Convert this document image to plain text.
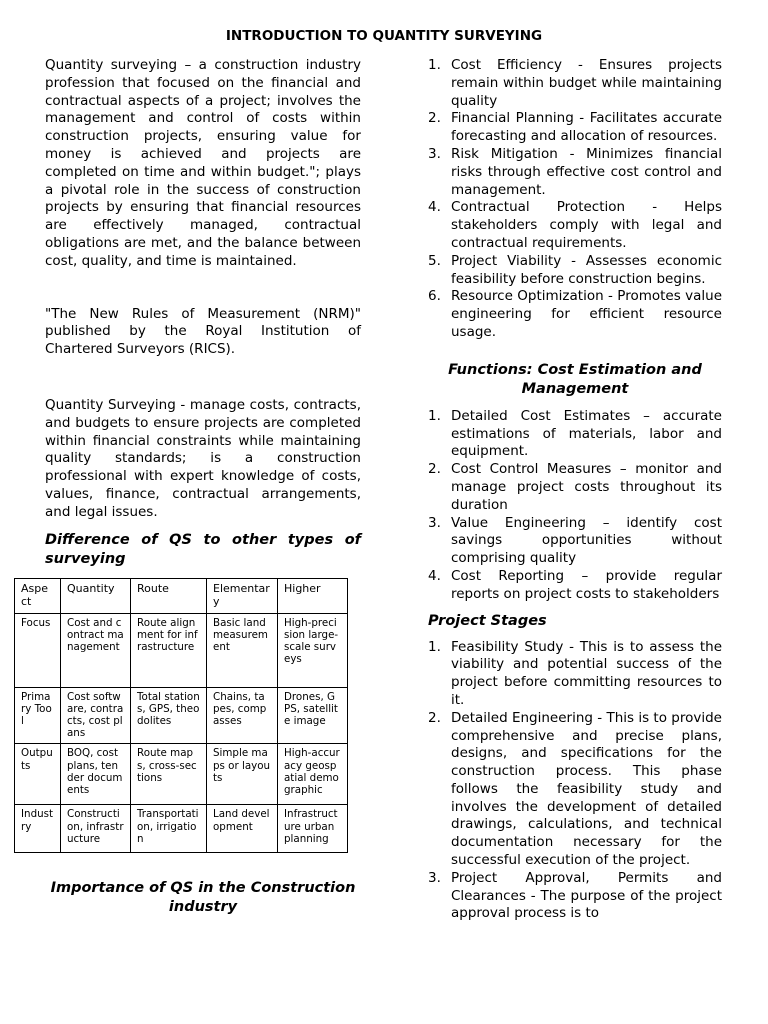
INTRODUCTION TO QUANTITY SURVEYING

Quantity surveying – a construction industry profession that focused on the financial and contractual aspects of a project; involves the management and control of costs within construction projects, ensuring value for money is achieved and projects are completed on time and within budget."; plays a pivotal role in the success of construction projects by ensuring that financial resources are effectively managed, contractual obligations are met, and the balance between cost, quality, and time is maintained.

"The New Rules of Measurement (NRM)" published by the Royal Institution of Chartered Surveyors (RICS).

Quantity Surveying - manage costs, contracts, and budgets to ensure projects are completed within financial constraints while maintaining quality standards; is a construction professional with expert knowledge of costs, values, finance, contractual arrangements, and legal issues.

Difference of QS to other types of surveying
Aspect	Quantity	Route	Elementary	Higher
Focus	Cost and contract management	Route alignment for infrastructure	Basic land measurement	High-precision large-scale surveys
Primary Tool	Cost software, contracts, cost plans	Total stations, GPS, theodolites	Chains, tapes, compasses	Drones, GPS, satellite image
Outputs	BOQ, cost plans, tender documents	Route maps, cross-sections	Simple maps or layouts	High-accuracy geospatial demographic
Industry	Construction, infrastructure	Transportation, irrigation	Land development	Infrastructure urban planning
Importance of QS in the Construction industry
1. Cost Efficiency - Ensures projects remain within budget while maintaining quality
2. Financial Planning - Facilitates accurate forecasting and allocation of resources.
3. Risk Mitigation - Minimizes financial risks through effective cost control and management.
4. Contractual Protection - Helps stakeholders comply with legal and contractual requirements.
5. Project Viability - Assesses economic feasibility before construction begins.
6. Resource Optimization - Promotes value engineering for efficient resource usage.
Functions: Cost Estimation and Management
1. Detailed Cost Estimates – accurate estimations of materials, labor and equipment.
2. Cost Control Measures – monitor and manage project costs throughout its duration
3. Value Engineering – identify cost savings opportunities without comprising quality
4. Cost Reporting – provide regular reports on project costs to stakeholders
Project Stages
1. Feasibility Study - This is to assess the viability and potential success of the project before committing resources to it.
2. Detailed Engineering - This is to provide comprehensive and precise plans, designs, and specifications for the construction process. This phase follows the feasibility study and involves the development of detailed drawings, calculations, and technical documentation necessary for the successful execution of the project.
3. Project Approval, Permits and Clearances - The purpose of the project approval process is to
